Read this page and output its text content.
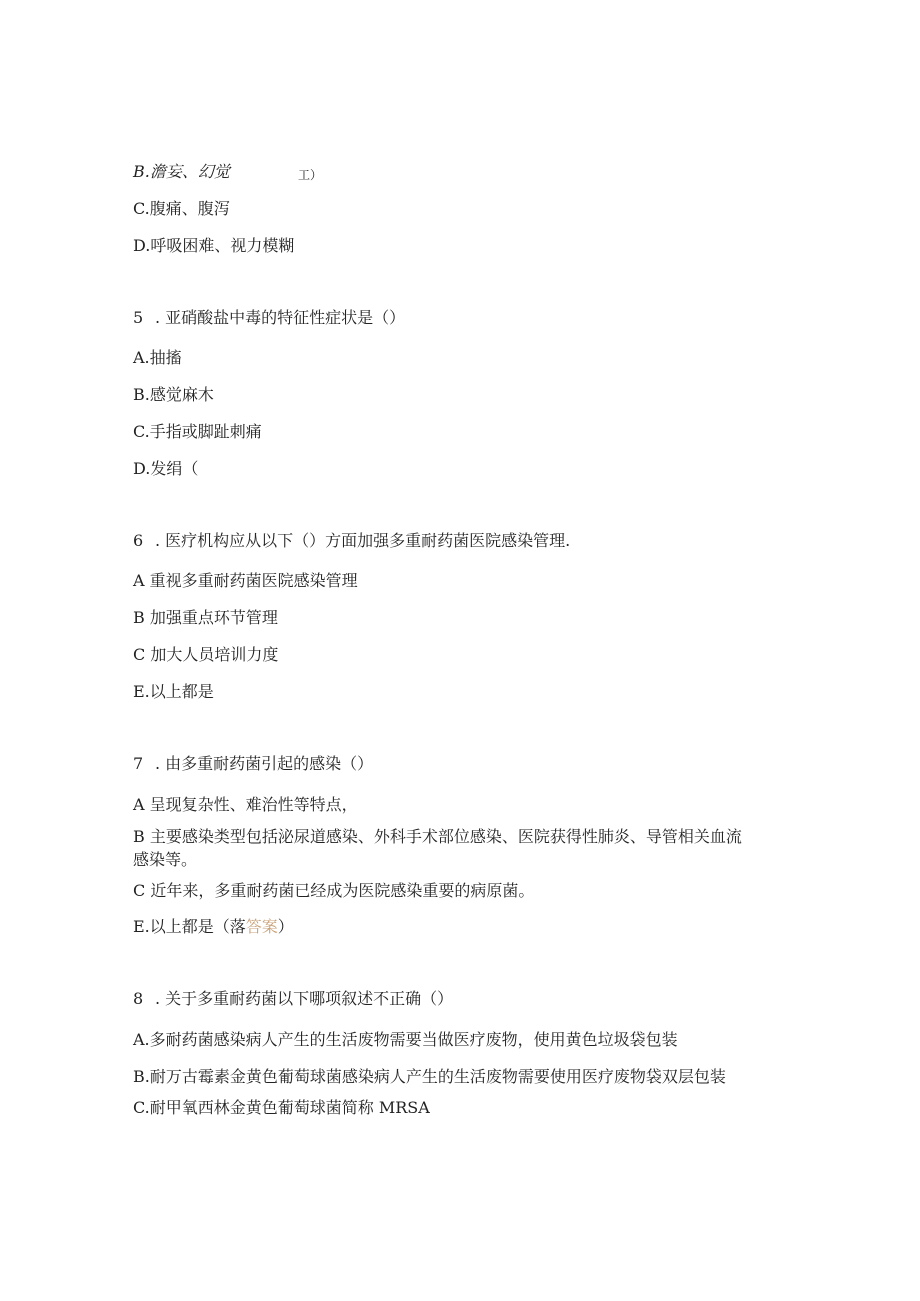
B.澹妄、幻觉	工）
C.腹痛、腹泻
D.呼吸困难、视力模糊
5 . 亚硝酸盐中毒的特征性症状是（）
A.抽搐
B.感觉麻木
C.手指或脚趾刺痛
D.发绢（
6 . 医疗机构应从以下（）方面加强多重耐药菌医院感染管理.
A 重视多重耐药菌医院感染管理
B 加强重点环节管理
C 加大人员培训力度
E.以上都是
7 . 由多重耐药菌引起的感染（）
A 呈现复杂性、难治性等特点，
B 主要感染类型包括泌尿道感染、外科手术部位感染、医院获得性肺炎、导管相关血流
感染等。
C 近年来，多重耐药菌已经成为医院感染重要的病原菌。
E.以上都是（落答案）
8 . 关于多重耐药菌以下哪项叙述不正确（）
A.多耐药菌感染病人产生的生活废物需要当做医疗废物，使用黄色垃圾袋包装
B.耐万古霉素金黄色葡萄球菌感染病人产生的生活废物需要使用医疗废物袋双层包装
C.耐甲氧西林金黄色葡萄球菌简称 MRSA
